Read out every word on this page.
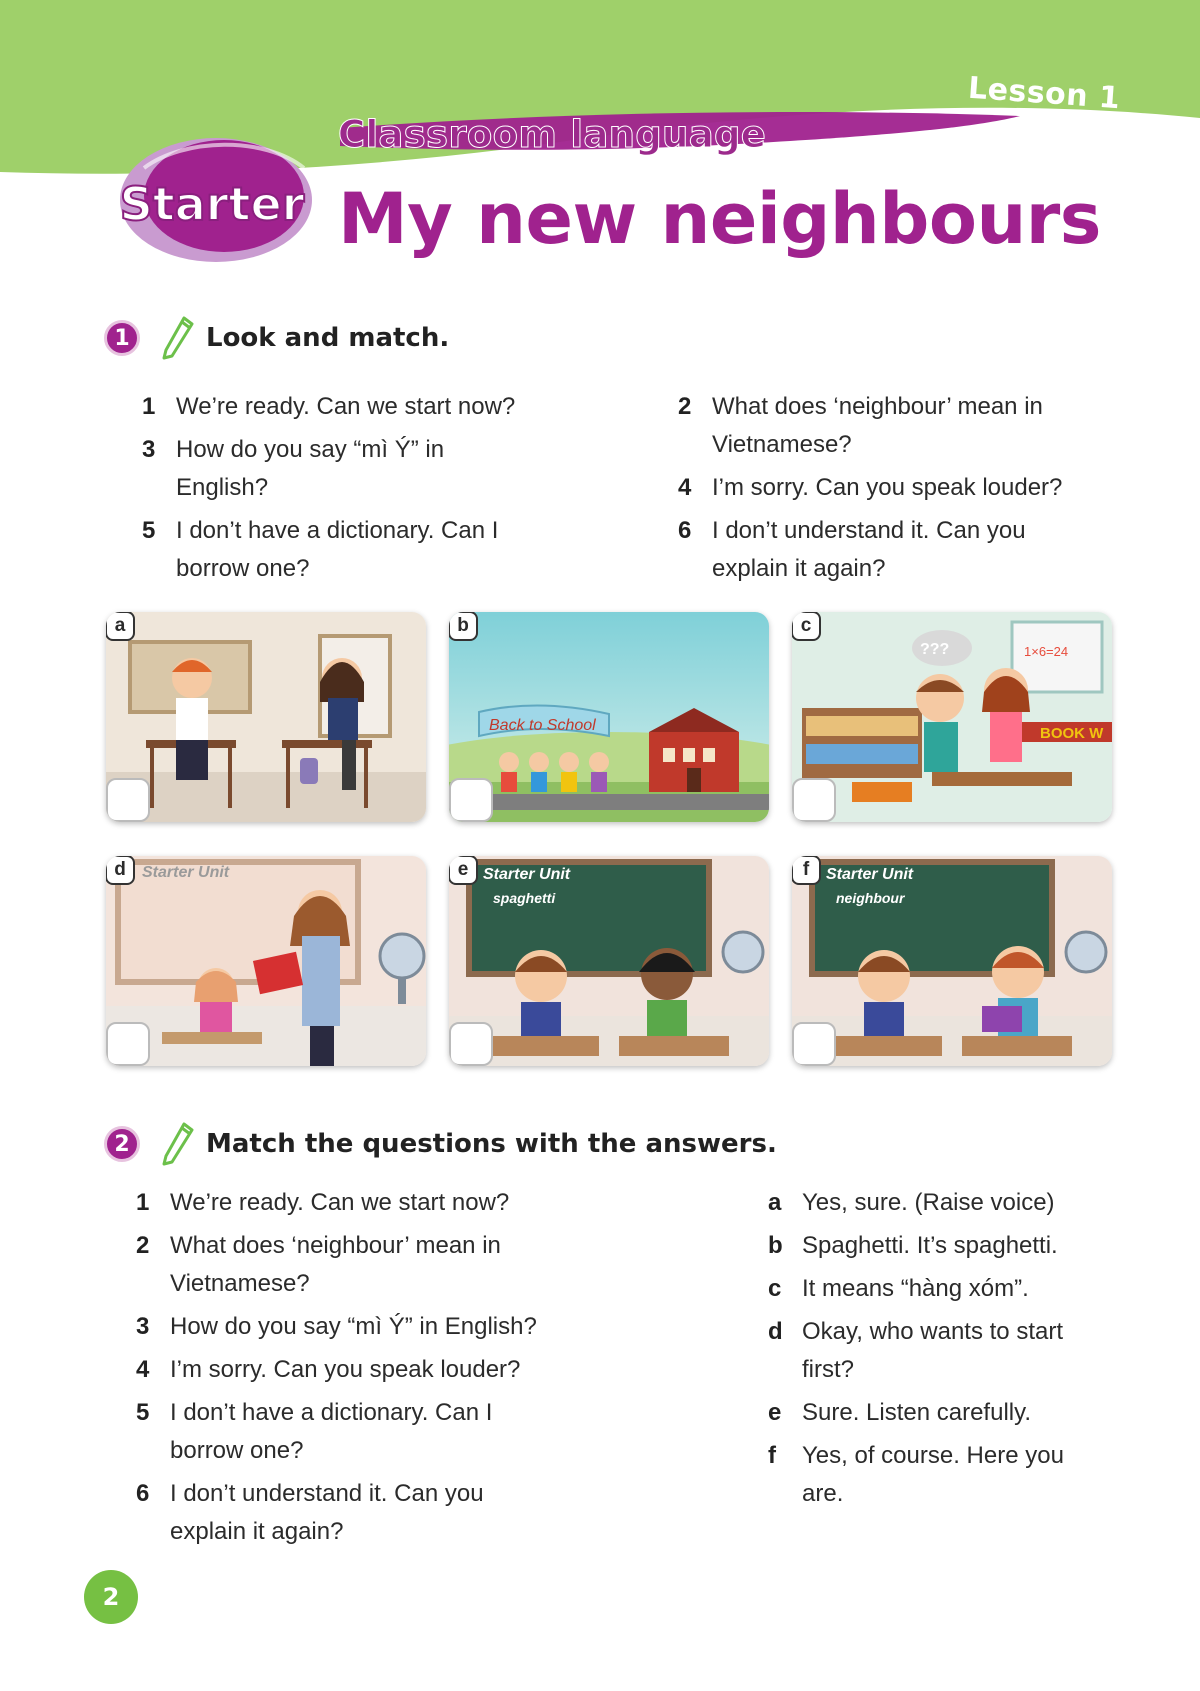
Lesson 1
Classroom language
Starter My new neighbours
1	Look and match.
1 We’re ready. Can we start now?
3 How do you say “mì Ý” in English?
5 I don’t have a dictionary. Can I borrow one?
2 What does ‘neighbour’ mean in Vietnamese?
4 I’m sorry. Can you speak louder?
6 I don’t understand it. Can you explain it again?
a
Back to School
b
1×6=24
BOOK W
???
c
d	Starter Unit	e Starter Unit
spaghetti
f	Starter Unit
neighbour
2	Match the questions with the answers.
1 We’re ready. Can we start now?
2 What does ‘neighbour’ mean in Vietnamese?
3 How do you say “mì Ý” in English?
4 I’m sorry. Can you speak louder?
5 I don’t have a dictionary. Can I borrow one?
6 I don’t understand it. Can you explain it again?
a Yes, sure. (Raise voice)
b Spaghetti. It’s spaghetti.
c It means “hàng xóm”.
d Okay, who wants to start first?
e Sure. Listen carefully.
f	Yes, of course. Here you are.
2
